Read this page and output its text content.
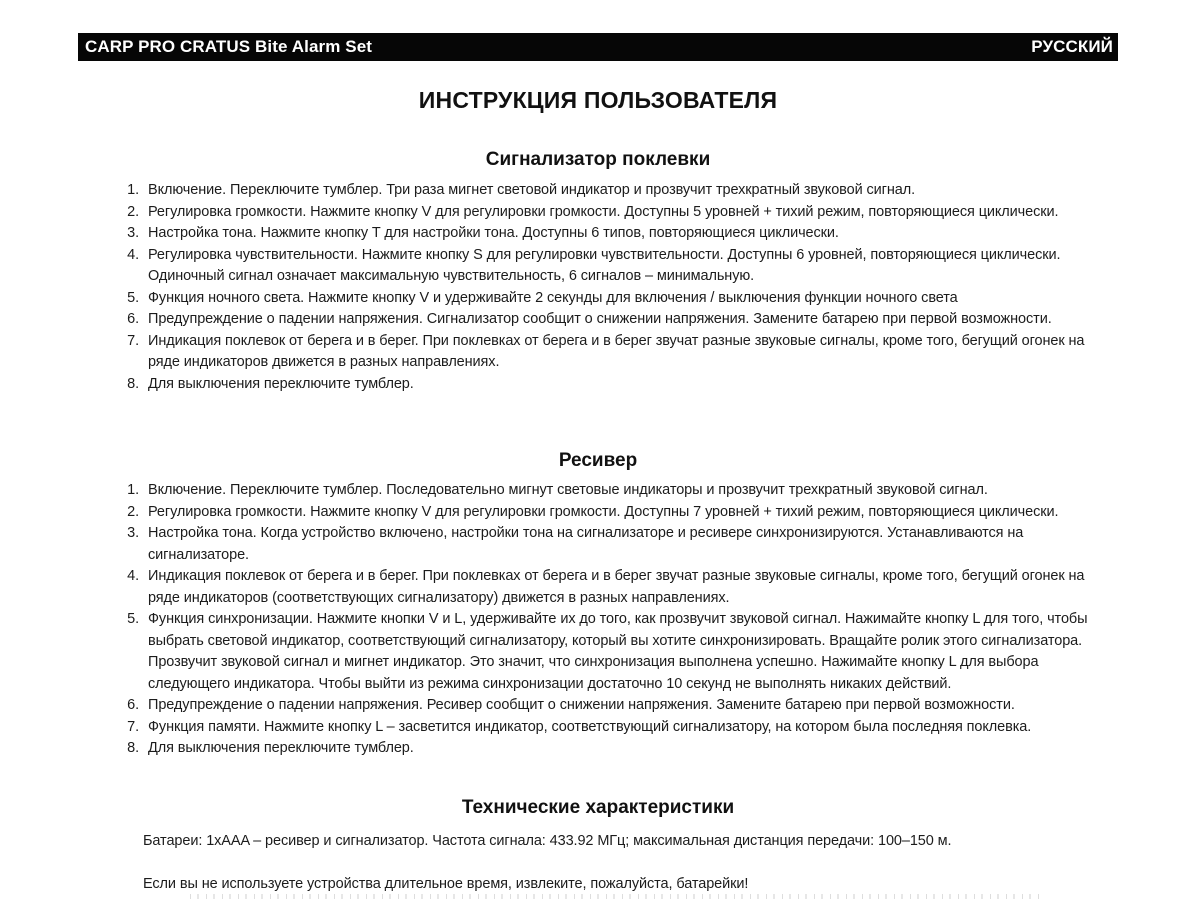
CARP PRO CRATUS Bite Alarm Set	РУССКИЙ
ИНСТРУКЦИЯ ПОЛЬЗОВАТЕЛЯ
Сигнализатор поклевки
1. Включение. Переключите тумблер. Три раза мигнет световой индикатор и прозвучит трехкратный звуковой сигнал.
2. Регулировка громкости. Нажмите кнопку V для регулировки громкости. Доступны 5 уровней + тихий режим, повторяющиеся циклически.
3. Настройка тона. Нажмите кнопку T для настройки тона. Доступны 6 типов, повторяющиеся циклически.
4. Регулировка чувствительности. Нажмите кнопку S для регулировки чувствительности. Доступны 6 уровней, повторяющиеся циклически. Одиночный сигнал означает максимальную чувствительность, 6 сигналов – минимальную.
5. Функция ночного света. Нажмите кнопку V и удерживайте 2 секунды для включения / выключения функции ночного света
6. Предупреждение о падении напряжения. Сигнализатор сообщит о снижении напряжения. Замените батарею при первой возможности.
7. Индикация поклевок от берега и в берег. При поклевках от берега и в берег звучат разные звуковые сигналы, кроме того, бегущий огонек на ряде индикаторов движется в разных направлениях.
8. Для выключения переключите тумблер.
Ресивер
1. Включение. Переключите тумблер. Последовательно мигнут световые индикаторы и прозвучит трехкратный звуковой сигнал.
2. Регулировка громкости. Нажмите кнопку V для регулировки громкости. Доступны 7 уровней + тихий режим, повторяющиеся циклически.
3. Настройка тона. Когда устройство включено, настройки тона на сигнализаторе и ресивере синхронизируются. Устанавливаются на сигнализаторе.
4. Индикация поклевок от берега и в берег. При поклевках от берега и в берег звучат разные звуковые сигналы, кроме того, бегущий огонек на ряде индикаторов (соответствующих сигнализатору) движется в разных направлениях.
5. Функция синхронизации. Нажмите кнопки V и L, удерживайте их до того, как прозвучит звуковой сигнал. Нажимайте кнопку L для того, чтобы выбрать световой индикатор, соответствующий сигнализатору, который вы хотите синхронизировать. Вращайте ролик этого сигнализатора. Прозвучит звуковой сигнал и мигнет индикатор. Это значит, что синхронизация выполнена успешно. Нажимайте кнопку L для выбора следующего индикатора. Чтобы выйти из режима синхронизации достаточно 10 секунд не выполнять никаких действий.
6. Предупреждение о падении напряжения. Ресивер сообщит о снижении напряжения. Замените батарею при первой возможности.
7. Функция памяти. Нажмите кнопку L – засветится индикатор, соответствующий сигнализатору, на котором была последняя поклевка.
8. Для выключения переключите тумблер.
Технические характеристики

Батареи: 1xAAA – ресивер и сигнализатор. Частота сигнала: 433.92 МГц; максимальная дистанция передачи: 100–150 м.

Если вы не используете устройства длительное время, извлеките, пожалуйста, батарейки!
